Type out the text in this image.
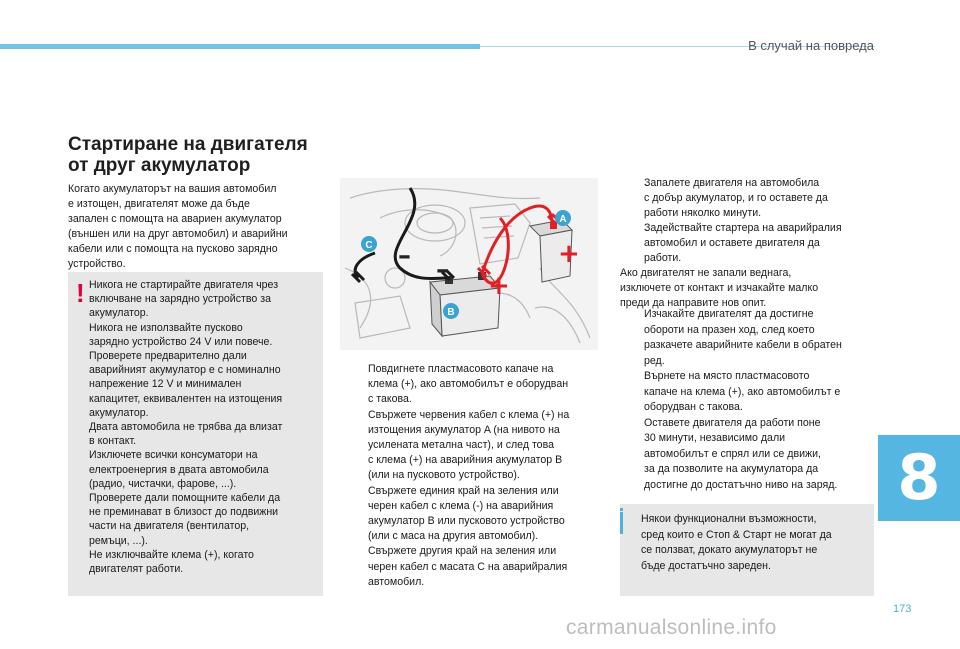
В случай на повреда
Стартиране на двигателя
от друг акумулатор
Когато акумулаторът на вашия автомобил
е изтощен, двигателят може да бъде
запален с помощта на авариен акумулатор
(външен или на друг автомобил) и аварийни
кабели или с помощта на пусково зарядно
устройство.
! Никога не стартирайте двигателя чрез

включване на зарядно устройство за

акумулатор.

Никога не използвайте пусково

зарядно устройство 24 V или повече.

Проверете предварително дали

аварийният акумулатор е с номинално

напрежение 12 V и минимален

капацитет, еквивалентен на изтощения

акумулатор.

Двата автомобила не трябва да влизат

в контакт.

Изключете всички консуматори на

електроенергия в двата автомобила

(радио, чистачки, фарове, ...).

Проверете дали помощните кабели да

не преминават в близост до подвижни

части на двигателя (вентилатор,

ремъци, ...).

Не изключвайте клема (+), когато

двигателят работи.

– –
+
+
A
B
C
Повдигнете пластмасовото капаче на
клема (+), ако автомобилът е оборудван
с такова.
Свържете червения кабел с клема (+) на
изтощения акумулатор A (на нивото на
усилената метална част), и след това
с клема (+) на аварийния акумулатор B
(или на пусковото устройство).
Свържете единия край на зеления или
черен кабел с клема (-) на аварийния
акумулатор B или пусковото устройство
(или с маса на другия автомобил).
Свържете другия край на зеления или
черен кабел с масата C на аварийралия
автомобил.
Запалете двигателя на автомобила
с добър акумулатор, и го оставете да
работи няколко минути.
Задействайте стартера на аварийралия
автомобил и оставете двигателя да
работи.

Ако двигателят не запали веднага,

изключете от контакт и изчакайте малко

преди да направите нов опит.

Изчакайте двигателят да достигне
обороти на празен ход, след което
разкачете аварийните кабели в обратен
ред.
Върнете на място пластмасовото
капаче на клема (+), ако автомобилът е
оборудван с такова.
Оставете двигателя да работи поне
30 минути, независимо дали
автомобилът е спрял или се движи,
за да позволите на акумулатора да
достигне до достатъчно ниво на заряд.
Някои функционални възможности,
сред които е Стоп & Старт не могат да
се ползват, докато акумулаторът не
бъде достатъчно зареден.
8
173
carmanualsonline.info
